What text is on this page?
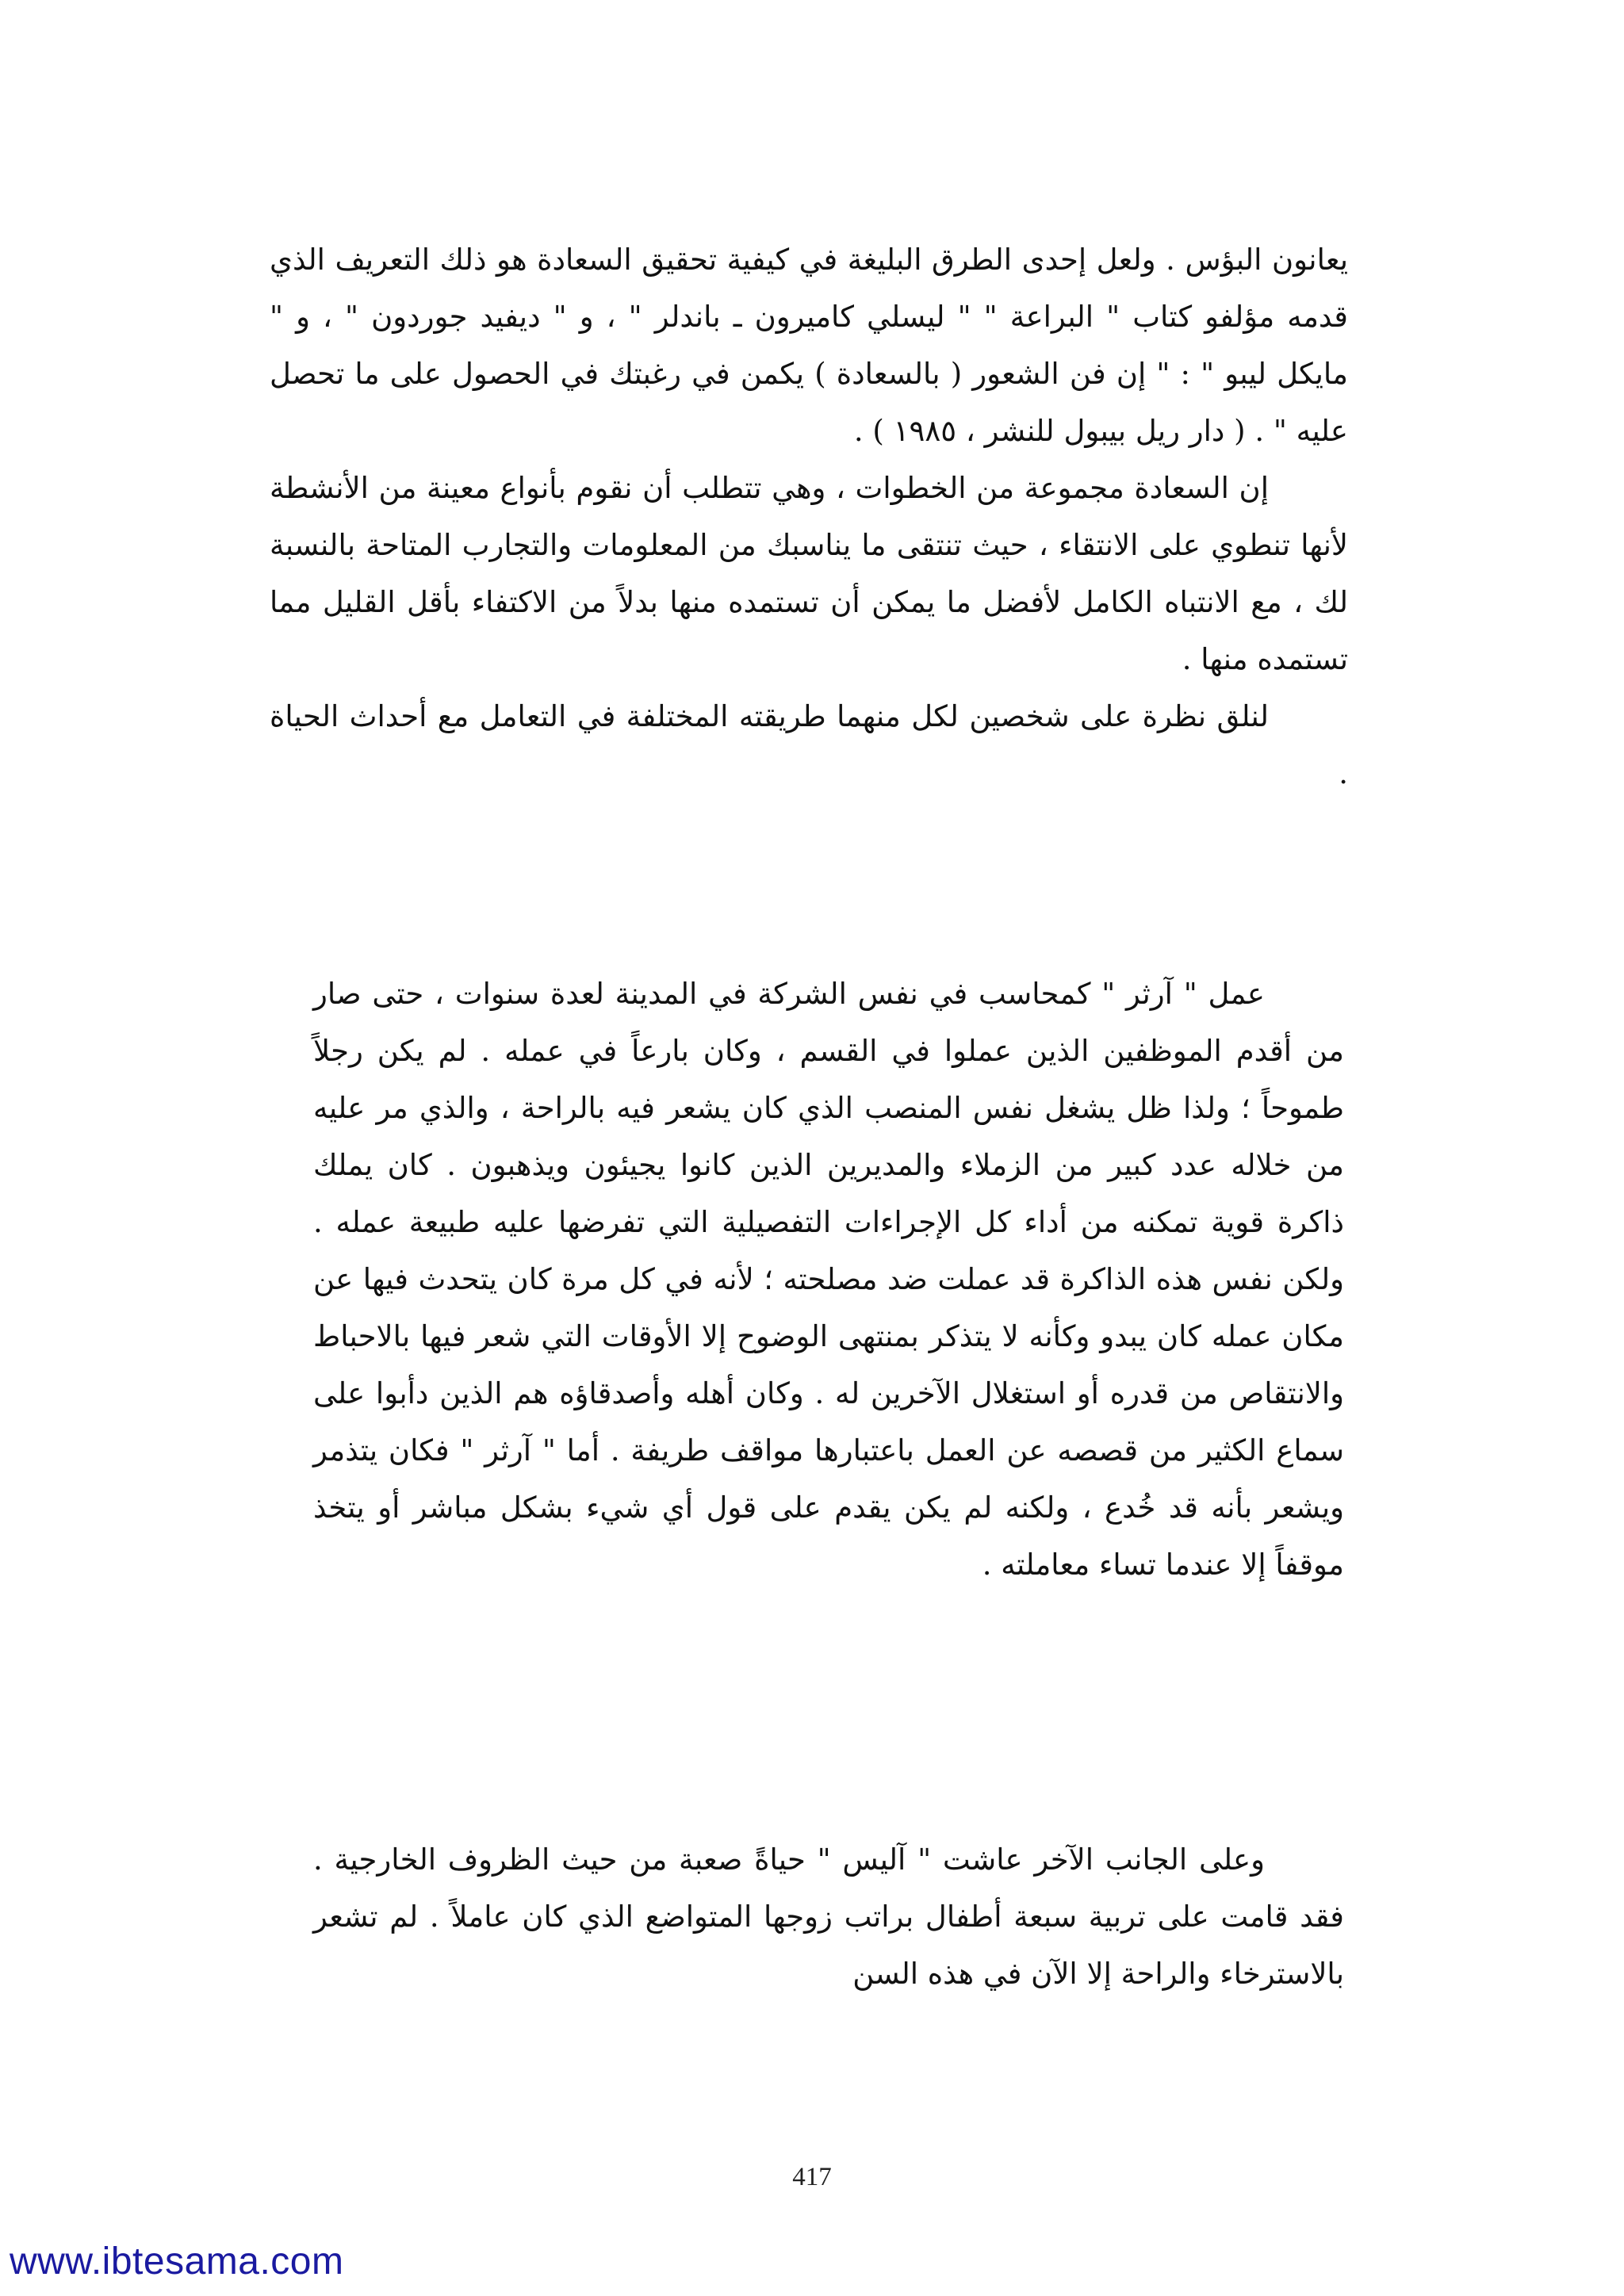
يعانون البؤس . ولعل إحدى الطرق البليغة في كيفية تحقيق السعادة هو ذلك التعريف الذي قدمه مؤلفو كتاب " البراعة " " ليسلي كاميرون ـ باندلر " ، و " ديفيد جوردون " ، و " مايكل ليبو " : " إن فن الشعور ( بالسعادة ) يكمن في رغبتك في الحصول على ما تحصل عليه " . ( دار ريل بيبول للنشر ، ١٩٨٥ ) .

إن السعادة مجموعة من الخطوات ، وهي تتطلب أن نقوم بأنواع معينة من الأنشطة لأنها تنطوي على الانتقاء ، حيث تنتقى ما يناسبك من المعلومات والتجارب المتاحة بالنسبة لك ، مع الانتباه الكامل لأفضل ما يمكن أن تستمده منها بدلاً من الاكتفاء بأقل القليل مما تستمده منها .

لنلق نظرة على شخصين لكل منهما طريقته المختلفة في التعامل مع أحداث الحياة .

عمل " آرثر " كمحاسب في نفس الشركة في المدينة لعدة سنوات ، حتى صار من أقدم الموظفين الذين عملوا في القسم ، وكان بارعاً في عمله . لم يكن رجلاً طموحاً ؛ ولذا ظل يشغل نفس المنصب الذي كان يشعر فيه بالراحة ، والذي مر عليه من خلاله عدد كبير من الزملاء والمديرين الذين كانوا يجيئون ويذهبون . كان يملك ذاكرة قوية تمكنه من أداء كل الإجراءات التفصيلية التي تفرضها عليه طبيعة عمله . ولكن نفس هذه الذاكرة قد عملت ضد مصلحته ؛ لأنه في كل مرة كان يتحدث فيها عن مكان عمله كان يبدو وكأنه لا يتذكر بمنتهى الوضوح إلا الأوقات التي شعر فيها بالاحباط والانتقاص من قدره أو استغلال الآخرين له . وكان أهله وأصدقاؤه هم الذين دأبوا على سماع الكثير من قصصه عن العمل باعتبارها مواقف طريفة . أما " آرثر " فكان يتذمر ويشعر بأنه قد خُدع ، ولكنه لم يكن يقدم على قول أي شيء بشكل مباشر أو يتخذ موقفاً إلا عندما تساء معاملته .

وعلى الجانب الآخر عاشت " آليس " حياةً صعبة من حيث الظروف الخارجية . فقد قامت على تربية سبعة أطفال براتب زوجها المتواضع الذي كان عاملاً . لم تشعر بالاسترخاء والراحة إلا الآن في هذه السن

417
www.ibtesama.com
